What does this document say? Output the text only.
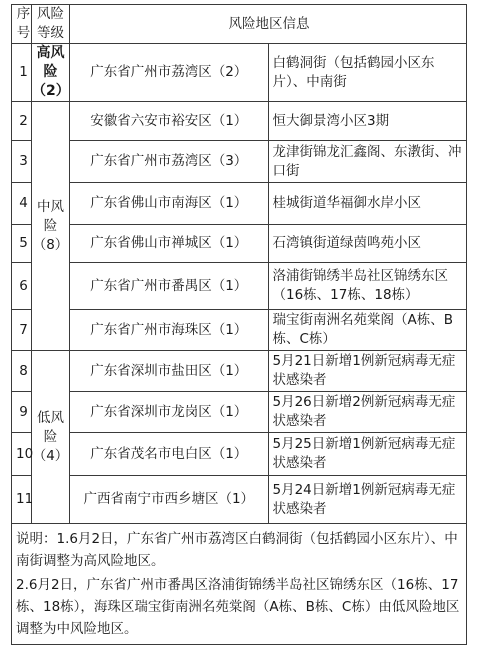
序号	风险等级	风险地区信息	
1	高风险（2）	广东省广州市荔湾区（2）	白鹤洞街（包括鹤园小区东片）、中南街
2	中风险（8）	安徽省六安市裕安区（1）	恒大御景湾小区3期
3		广东省广州市荔湾区（3）	龙津街锦龙汇鑫阁、东漖街、冲口街
4		广东省佛山市南海区（1）	桂城街道华福御水岸小区
5		广东省佛山市禅城区（1）	石湾镇街道绿茵鸣苑小区
6		广东省广州市番禺区（1）	洛浦街锦绣半岛社区锦绣东区（16栋、17栋、18栋）
7		广东省广州市海珠区（1）	瑞宝街南洲名苑棠阁（A栋、B栋、C栋）
8	低风险（4）	广东省深圳市盐田区（1）	5月21日新增1例新冠病毒无症状感染者
9		广东省深圳市龙岗区（1）	5月26日新增2例新冠病毒无症状感染者
10		广东省茂名市电白区（1）	5月25日新增1例新冠病毒无症状感染者
11		广西省南宁市西乡塘区（1）	5月24日新增1例新冠病毒无症状感染者

说明：1.6月2日，广东省广州市荔湾区白鹤洞街（包括鹤园小区东片）、中南街调整为高风险地区。

2.6月2日，广东省广州市番禺区洛浦街锦绣半岛社区锦绣东区（16栋、17栋、18栋），海珠区瑞宝街南洲名苑棠阁（A栋、B栋、C栋）由低风险地区调整为中风险地区。			
